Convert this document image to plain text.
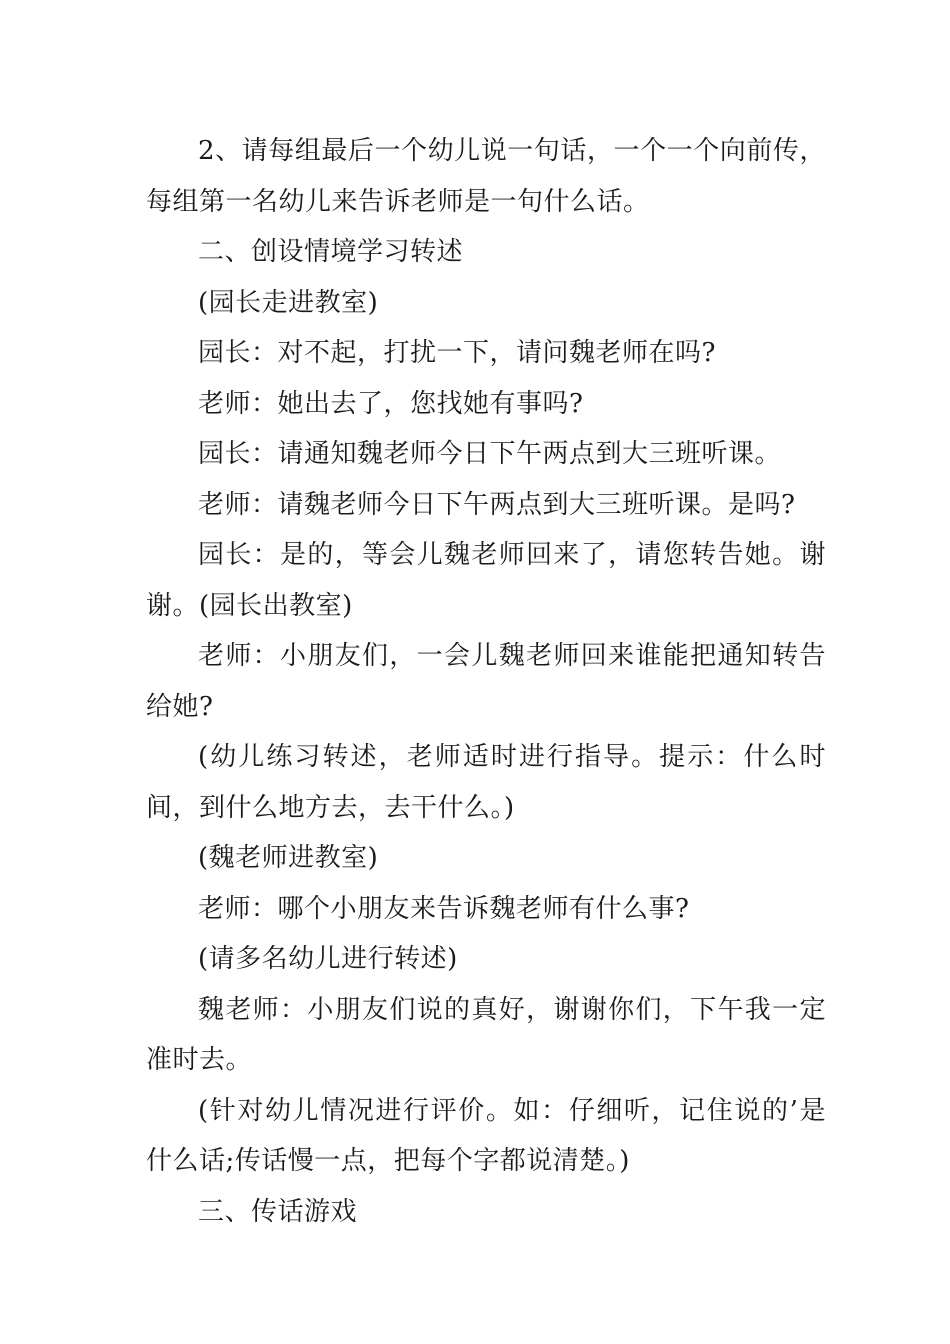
2、请每组最后一个幼儿说一句话，一个一个向前传，每组第一名幼儿来告诉老师是一句什么话。

二、创设情境学习转述

(园长走进教室)

园长：对不起，打扰一下，请问魏老师在吗?

老师：她出去了，您找她有事吗?

园长：请通知魏老师今日下午两点到大三班听课。

老师：请魏老师今日下午两点到大三班听课。是吗?

园长：是的，等会儿魏老师回来了，请您转告她。谢谢。(园长出教室)

老师：小朋友们，一会儿魏老师回来谁能把通知转告给她?

(幼儿练习转述，老师适时进行指导。提示：什么时间，到什么地方去，去干什么。)

(魏老师进教室)

老师：哪个小朋友来告诉魏老师有什么事?

(请多名幼儿进行转述)

魏老师：小朋友们说的真好，谢谢你们，下午我一定准时去。

(针对幼儿情况进行评价。如：仔细听，记住说的’是什么话;传话慢一点，把每个字都说清楚。)

三、传话游戏
